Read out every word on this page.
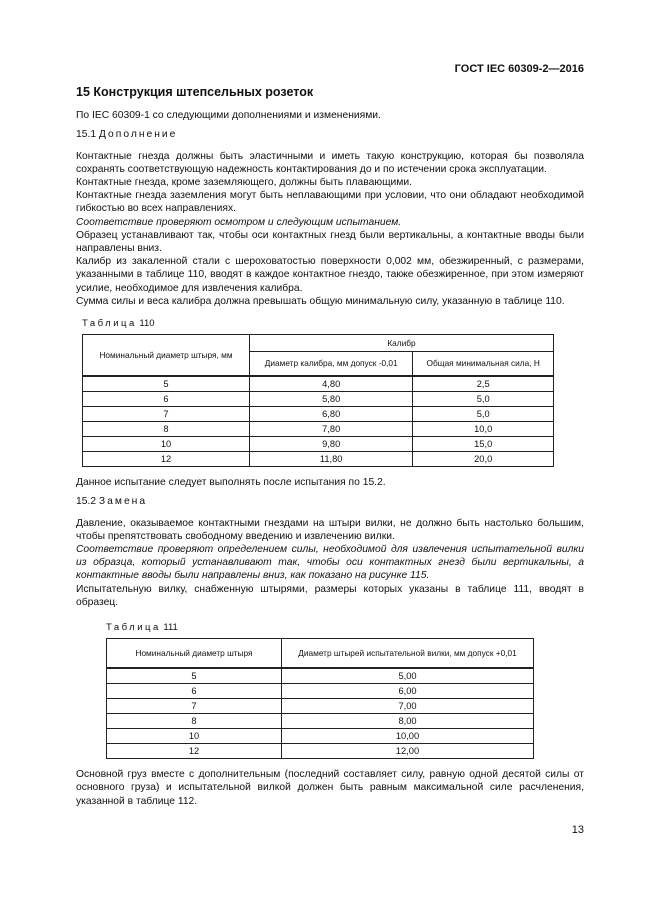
ГОСТ IEC 60309-2—2016
15 Конструкция штепсельных розеток

По IEC 60309-1 со следующими дополнениями и изменениями.

15.1 Дополнение

Контактные гнезда должны быть эластичными и иметь такую конструкцию, которая бы позволяла сохранять соответствующую надежность контактирования до и по истечении срока эксплуатации.

Контактные гнезда, кроме заземляющего, должны быть плавающими.

Контактные гнезда заземления могут быть неплавающими при условии, что они обладают необходимой гибкостью во всех направлениях.

Соответствие проверяют осмотром и следующим испытанием.

Образец устанавливают так, чтобы оси контактных гнезд были вертикальны, а контактные вводы были направлены вниз.

Калибр из закаленной стали с шероховатостью поверхности 0,002 мм, обезжиренный, с размерами, указанными в таблице 110, вводят в каждое контактное гнездо, также обезжиренное, при этом измеряют усилие, необходимое для извлечения калибра.

Сумма силы и веса калибра должна превышать общую минимальную силу, указанную в таблице 110.

Таблица 110
Номинальный диаметр штыря, мм	Калибр	
	Диаметр калибра, мм допуск -0,01	Общая минимальная сила, Н
5	4,80	2,5
6	5,80	5,0
7	6,80	5,0
8	7,80	10,0
10	9,80	15,0
12	11,80	20,0

Данное испытание следует выполнять после испытания по 15.2.

15.2 Замена

Давление, оказываемое контактными гнездами на штыри вилки, не должно быть настолько большим, чтобы препятствовать свободному введению и извлечению вилки.

Соответствие проверяют определением силы, необходимой для извлечения испытательной вилки из образца, который устанавливают так, чтобы оси контактных гнезд были вертикальны, а контактные вводы были направлены вниз, как показано на рисунке 115.

Испытательную вилку, снабженную штырями, размеры которых указаны в таблице 111, вводят в образец.

Таблица 111
Номинальный диаметр штыря	Диаметр штырей испытательной вилки, мм допуск +0,01
5	5,00
6	6,00
7	7,00
8	8,00
10	10,00
12	12,00

Основной груз вместе с дополнительным (последний составляет силу, равную одной десятой силы от основного груза) и испытательной вилкой должен быть равным максимальной силе расчленения, указанной в таблице 112.

13
